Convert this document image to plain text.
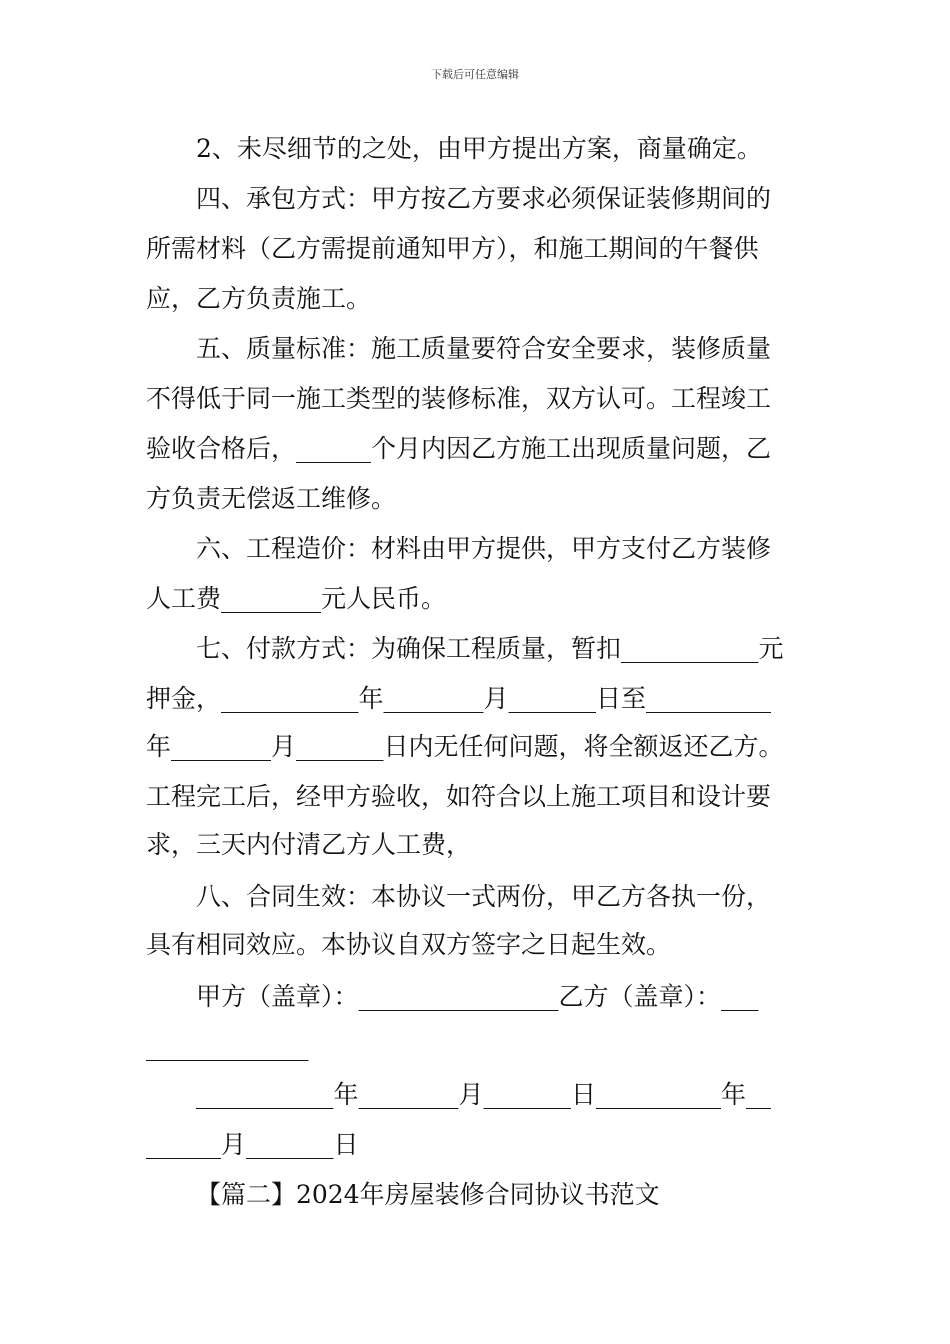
下载后可任意编辑
2、未尽细节的之处，由甲方提出方案，商量确定。
四、承包方式：甲方按乙方要求必须保证装修期间的
所需材料（乙方需提前通知甲方），和施工期间的午餐供
应，乙方负责施工。
五、质量标准：施工质量要符合安全要求，装修质量
不得低于同一施工类型的装修标准，双方认可。工程竣工
验收合格后，______个月内因乙方施工出现质量问题，乙
方负责无偿返工维修。
六、工程造价：材料由甲方提供，甲方支付乙方装修
人工费________元人民币。
七、付款方式：为确保工程质量，暂扣___________元
押金，___________年________月_______日至__________
年________月_______日内无任何问题，将全额返还乙方。
工程完工后，经甲方验收，如符合以上施工项目和设计要
求，三天内付清乙方人工费，
八、合同生效：本协议一式两份，甲乙方各执一份，
具有相同效应。本协议自双方签字之日起生效。
甲方（盖章）：________________乙方（盖章）：___
_____________
___________年________月_______日__________年__
______月_______日
【篇二】2024年房屋装修合同协议书范文
